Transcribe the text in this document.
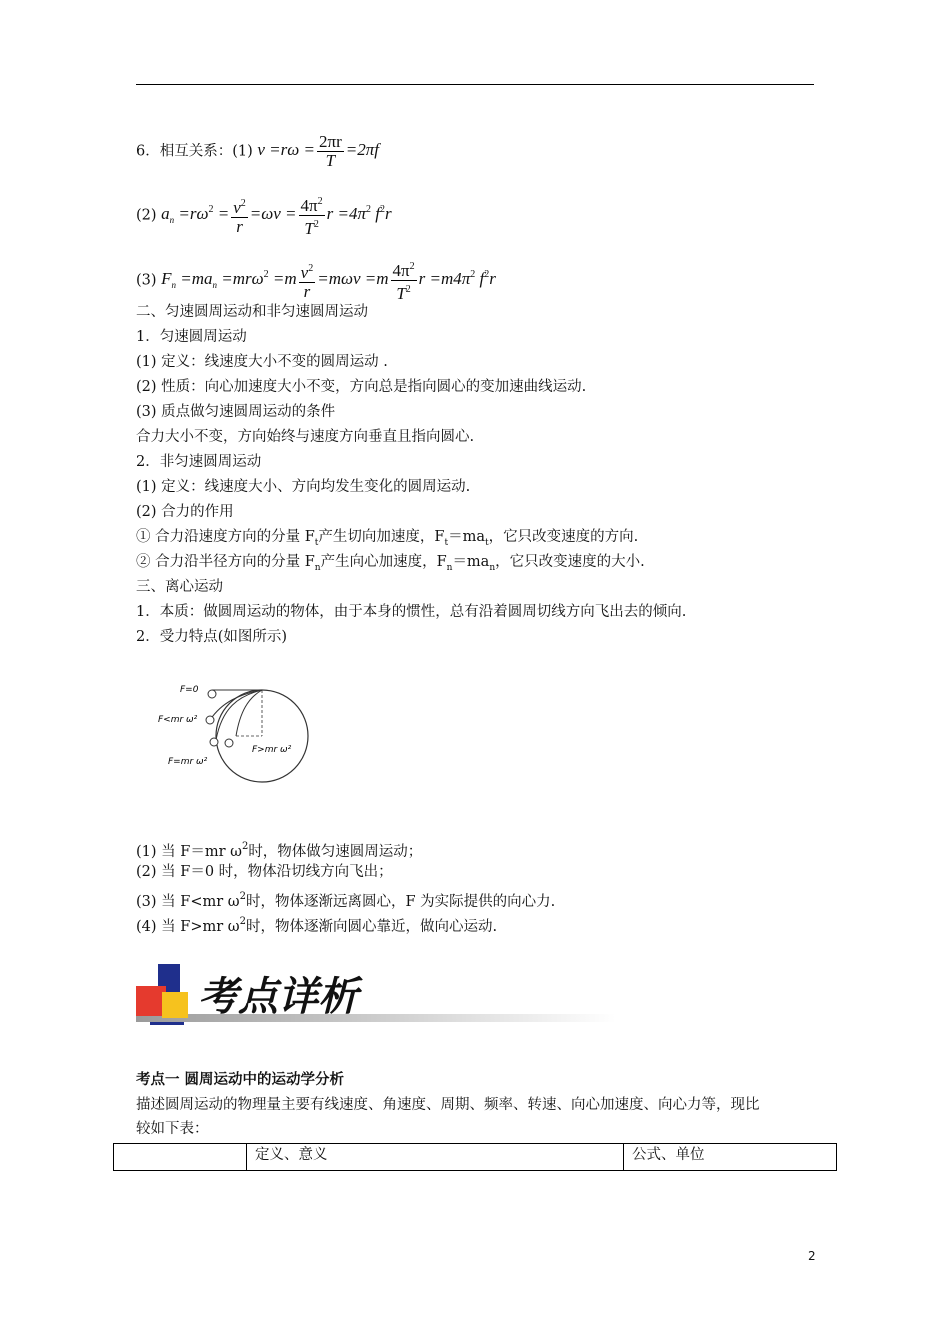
6．相互关系：(1) $v =r\omega = \frac{2\pi r}{T} =2\pi f$
(2) $a_n =r\omega^2 = \frac{v^2}{r} =\omega v = \frac{4\pi^2}{T^2}$ $r =4\pi^2$ $f^2r$
(3) $F_n =ma_n =mr\omega^2 =m \frac{v^2}{r} =m\omega v =m \frac{4\pi^2}{T^2}$ $r =m4\pi^2$ $f^2r$
二、匀速圆周运动和非匀速圆周运动
1．匀速圆周运动
(1) 定义：线速度大小不变的圆周运动 .
(2) 性质：向心加速度大小不变，方向总是指向圆心的变加速曲线运动.
(3) 质点做匀速圆周运动的条件
合力大小不变，方向始终与速度方向垂直且指向圆心.
2．非匀速圆周运动
(1) 定义：线速度大小、方向均发生变化的圆周运动.
(2) 合力的作用
① 合力沿速度方向的分量 $F_t$产生切向加速度，$F_t=ma_t$，它只改变速度的方向.
② 合力沿半径方向的分量 $F_n$产生向心加速度，$F_n=ma_n$，它只改变速度的大小.
三、离心运动
1．本质：做圆周运动的物体，由于本身的惯性，总有沿着圆周切线方向飞出去的倾向.
2．受力特点(如图所示)
F=0
F<mr ω²
F>mr ω²
F=mr ω²
(1) 当 F＝mr $\omega^2$时，物体做匀速圆周运动；
(2) 当 F＝0 时，物体沿切线方向飞出；
(3) 当 F<mr $\omega^2$时，物体逐渐远离圆心，F 为实际提供的向心力.
(4) 当 F>mr $\omega^2$时，物体逐渐向圆心靠近，做向心运动.
考点详析
考点一 圆周运动中的运动学分析
描述圆周运动的物理量主要有线速度、角速度、周期、频率、转速、向心加速度、向心力等，现比
较如下表：
	定义、意义	公式、单位
2
